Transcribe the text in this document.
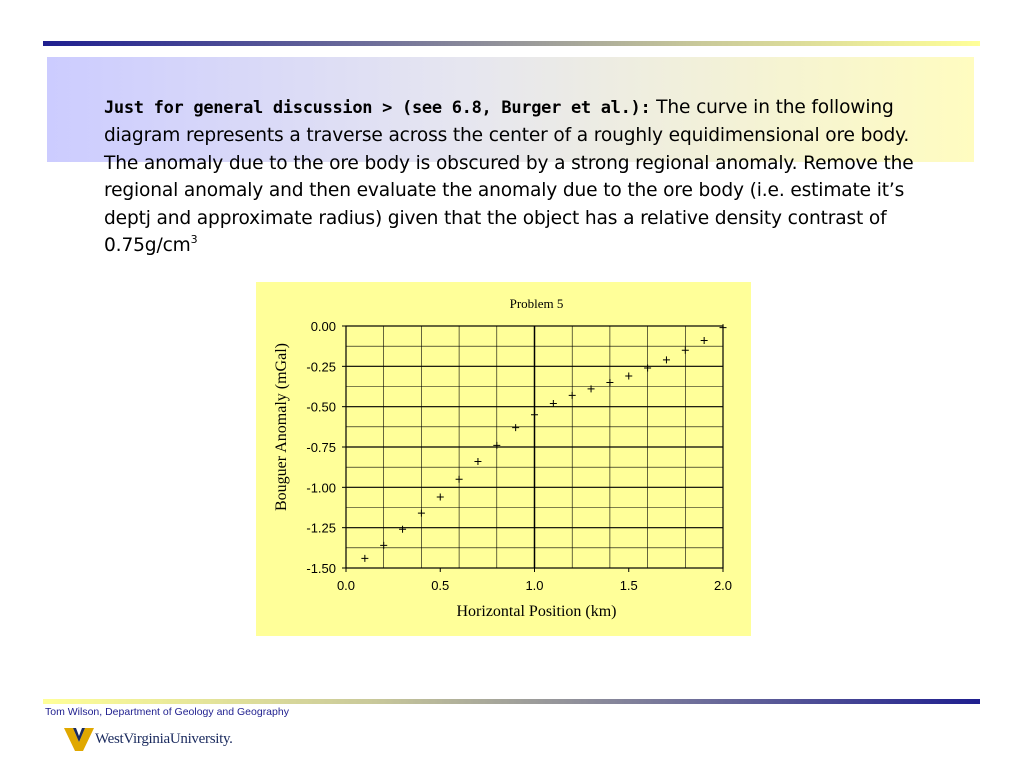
Just for general discussion > (see 6.8, Burger et al.): The curve in the following diagram represents a traverse across the center of a roughly equidimensional ore body. The anomaly due to the ore body is obscured by a strong regional anomaly. Remove the regional anomaly and then evaluate the anomaly due to the ore body (i.e. estimate it’s deptj and approximate radius) given that the object has a relative density contrast of $0.75g/cm^3$
0.0	0.5	1.0	1.5	2.0
0.00
-0.25
-0.50
-0.75
-1.00
-1.25
-1.50
Problem 5
Horizontal Position (km)
Bouguer Anomaly (mGal)
Tom Wilson, Department of Geology and Geography
WestVirginiaUniversity.
